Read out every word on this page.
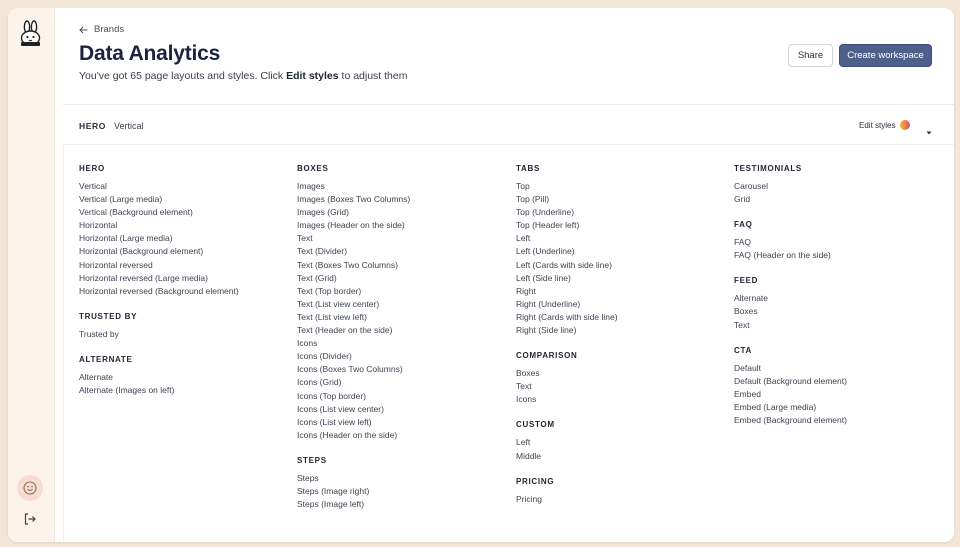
Brands
Data Analytics
You've got 65 page layouts and styles. Click Edit styles to adjust them
Share	Create workspace
HERO Vertical	Edit styles
HERO
Vertical
Vertical (Large media)
Vertical (Background element)
Horizontal
Horizontal (Large media)
Horizontal (Background element)
Horizontal reversed
Horizontal reversed (Large media)
Horizontal reversed (Background element)
TRUSTED BY
Trusted by
ALTERNATE
Alternate
Alternate (Images on left)
BOXES
Images
Images (Boxes Two Columns)
Images (Grid)
Images (Header on the side)
Text
Text (Divider)
Text (Boxes Two Columns)
Text (Grid)
Text (Top border)
Text (List view center)
Text (List view left)
Text (Header on the side)
Icons
Icons (Divider)
Icons (Boxes Two Columns)
Icons (Grid)
Icons (Top border)
Icons (List view center)
Icons (List view left)
Icons (Header on the side)
STEPS
Steps
Steps (Image right)
Steps (Image left)
TABS
Top
Top (Pill)
Top (Underline)
Top (Header left)
Left
Left (Underline)
Left (Cards with side line)
Left (Side line)
Right
Right (Underline)
Right (Cards with side line)
Right (Side line)
COMPARISON
Boxes
Text
Icons
CUSTOM
Left
Middle
PRICING
Pricing
TESTIMONIALS
Carousel
Grid
FAQ
FAQ
FAQ (Header on the side)
FEED
Alternate
Boxes
Text
CTA
Default
Default (Background element)
Embed
Embed (Large media)
Embed (Background element)
